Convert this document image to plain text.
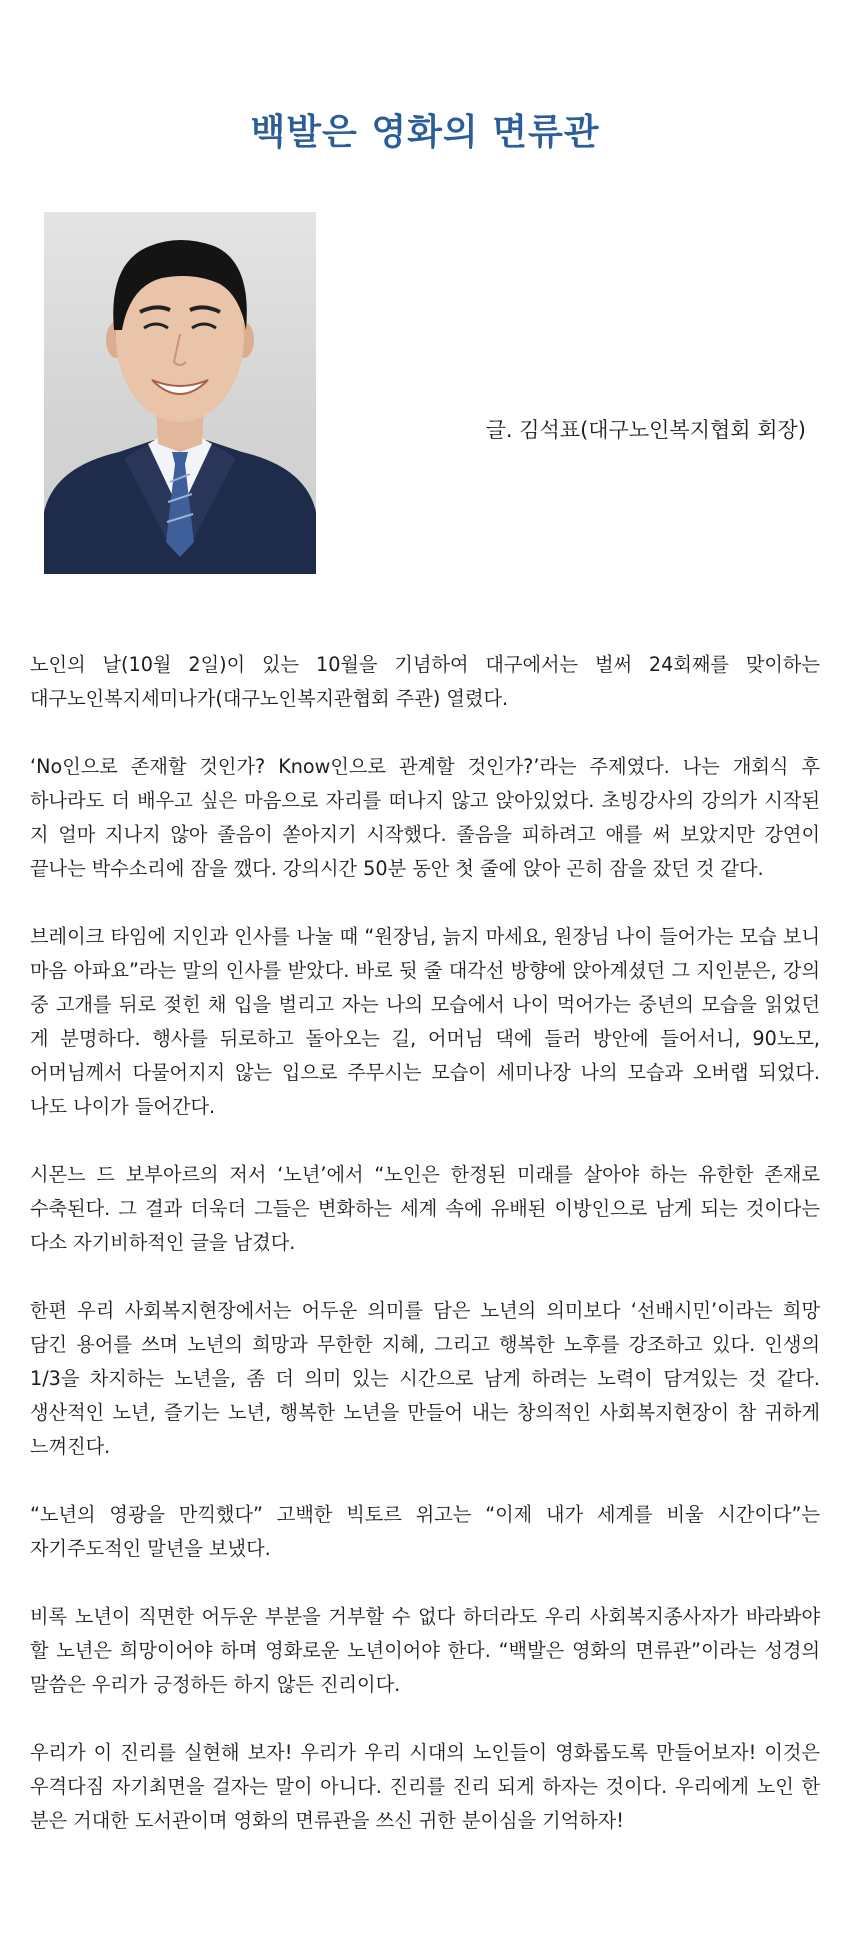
백발은 영화의 면류관
글. 김석표(대구노인복지협회 회장)

노인의 날(10월 2일)이 있는 10월을 기념하여 대구에서는 벌써 24회째를 맞이하는 대구노인복지세미나가(대구노인복지관협회 주관) 열렸다.

‘No인으로 존재할 것인가? Know인으로 관계할 것인가?’라는 주제였다. 나는 개회식 후 하나라도 더 배우고 싶은 마음으로 자리를 떠나지 않고 앉아있었다. 초빙강사의 강의가 시작된 지 얼마 지나지 않아 졸음이 쏟아지기 시작했다. 졸음을 피하려고 애를 써 보았지만 강연이 끝나는 박수소리에 잠을 깼다. 강의시간 50분 동안 첫 줄에 앉아 곤히 잠을 잤던 것 같다.

브레이크 타임에 지인과 인사를 나눌 때 “원장님, 늙지 마세요, 원장님 나이 들어가는 모습 보니 마음 아파요”라는 말의 인사를 받았다. 바로 뒷 줄 대각선 방향에 앉아계셨던 그 지인분은, 강의 중 고개를 뒤로 젖힌 채 입을 벌리고 자는 나의 모습에서 나이 먹어가는 중년의 모습을 읽었던 게 분명하다. 행사를 뒤로하고 돌아오는 길, 어머님 댁에 들러 방안에 들어서니, 90노모, 어머님께서 다물어지지 않는 입으로 주무시는 모습이 세미나장 나의 모습과 오버랩 되었다. 나도 나이가 들어간다.

시몬느 드 보부아르의 저서 ‘노년’에서 “노인은 한정된 미래를 살아야 하는 유한한 존재로 수축된다. 그 결과 더욱더 그들은 변화하는 세계 속에 유배된 이방인으로 남게 되는 것이다는 다소 자기비하적인 글을 남겼다.

한편 우리 사회복지현장에서는 어두운 의미를 담은 노년의 의미보다 ‘선배시민’이라는 희망 담긴 용어를 쓰며 노년의 희망과 무한한 지혜, 그리고 행복한 노후를 강조하고 있다. 인생의 1/3을 차지하는 노년을, 좀 더 의미 있는 시간으로 남게 하려는 노력이 담겨있는 것 같다. 생산적인 노년, 즐기는 노년, 행복한 노년을 만들어 내는 창의적인 사회복지현장이 참 귀하게 느껴진다.

“노년의 영광을 만끽했다” 고백한 빅토르 위고는 “이제 내가 세계를 비울 시간이다”는 자기주도적인 말년을 보냈다.

비록 노년이 직면한 어두운 부분을 거부할 수 없다 하더라도 우리 사회복지종사자가 바라봐야 할 노년은 희망이어야 하며 영화로운 노년이어야 한다. “백발은 영화의 면류관”이라는 성경의 말씀은 우리가 긍정하든 하지 않든 진리이다.

우리가 이 진리를 실현해 보자! 우리가 우리 시대의 노인들이 영화롭도록 만들어보자! 이것은 우격다짐 자기최면을 걸자는 말이 아니다. 진리를 진리 되게 하자는 것이다. 우리에게 노인 한 분은 거대한 도서관이며 영화의 면류관을 쓰신 귀한 분이심을 기억하자!
